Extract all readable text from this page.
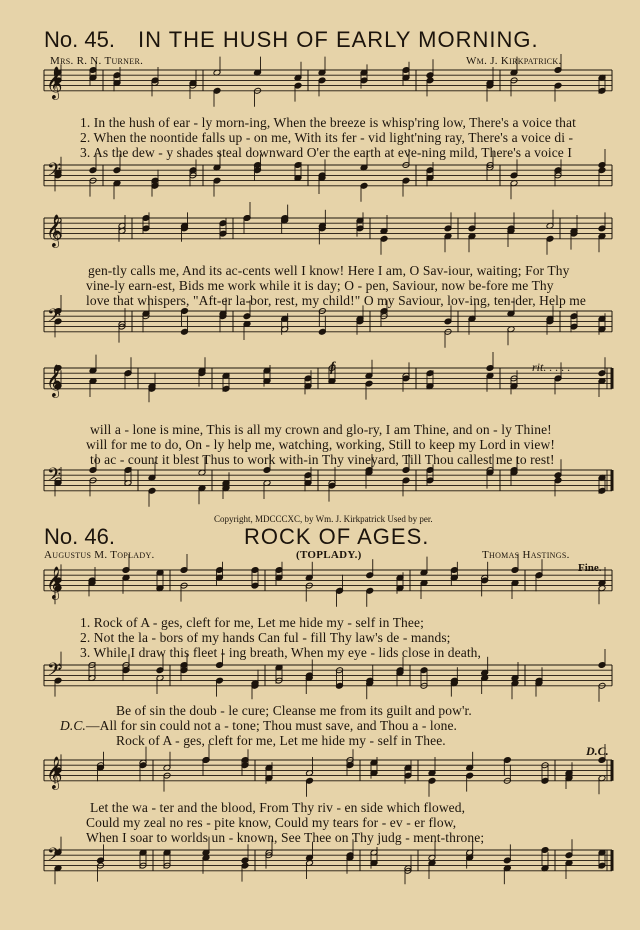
No. 45. IN THE HUSH OF EARLY MORNING.
Mrs. R. N. Turner.	Wm. J. Kirkpatrick.
𝄞
𝄢
𝄞
𝄢
𝄞
𝄢
𝄞
𝄢
𝄞
𝄢
1. In the hush of ear - ly morn-ing, When the breeze is whisp'ring low, There's a voice that
2. When the noontide falls up - on me, With its fer - vid light'ning ray, There's a voice di -
3. As the dew - y shades steal downward O'er the earth at eve-ning mild, There's a voice I
gen-tly calls me, And its ac-cents well I know! Here I am, O Sav-iour, waiting; For Thy
vine-ly earn-est, Bids me work while it is day; O - pen, Saviour, now be-fore me Thy
love that whispers, "Aft-er la-bor, rest, my child!" O my Saviour, lov-ing, ten-der, Help me
f	rit. . . . .
will a - lone is mine, This is all my crown and glo-ry, I am Thine, and on - ly Thine!
will for me to do, On - ly help me, watching, working, Still to keep my Lord in view!
to ac - count it blest Thus to work with-in Thy vineyard, Till Thou callest me to rest!
Copyright, MDCCCXC, by Wm. J. Kirkpatrick Used by per.
No. 46.	ROCK OF AGES.
Augustus M. Toplady.	(TOPLADY.)	Thomas Hastings.
Fine.
1. Rock of A - ges, cleft for me, Let me hide my - self in Thee;
2. Not the la - bors of my hands Can ful - fill Thy law's de - mands;
3. While I draw this fleet - ing breath, When my eye - lids close in death,
Be of sin the doub - le cure; Cleanse me from its guilt and pow'r.
D.C. —All for sin could not a - tone; Thou must save, and Thou a - lone.
Rock of A - ges, cleft for me, Let me hide my - self in Thee.
D.C.
Let the wa - ter and the blood, From Thy riv - en side which flowed,
Could my zeal no res - pite know, Could my tears for - ev - er flow,
When I soar to worlds un - known, See Thee on Thy judg - ment-throne;
